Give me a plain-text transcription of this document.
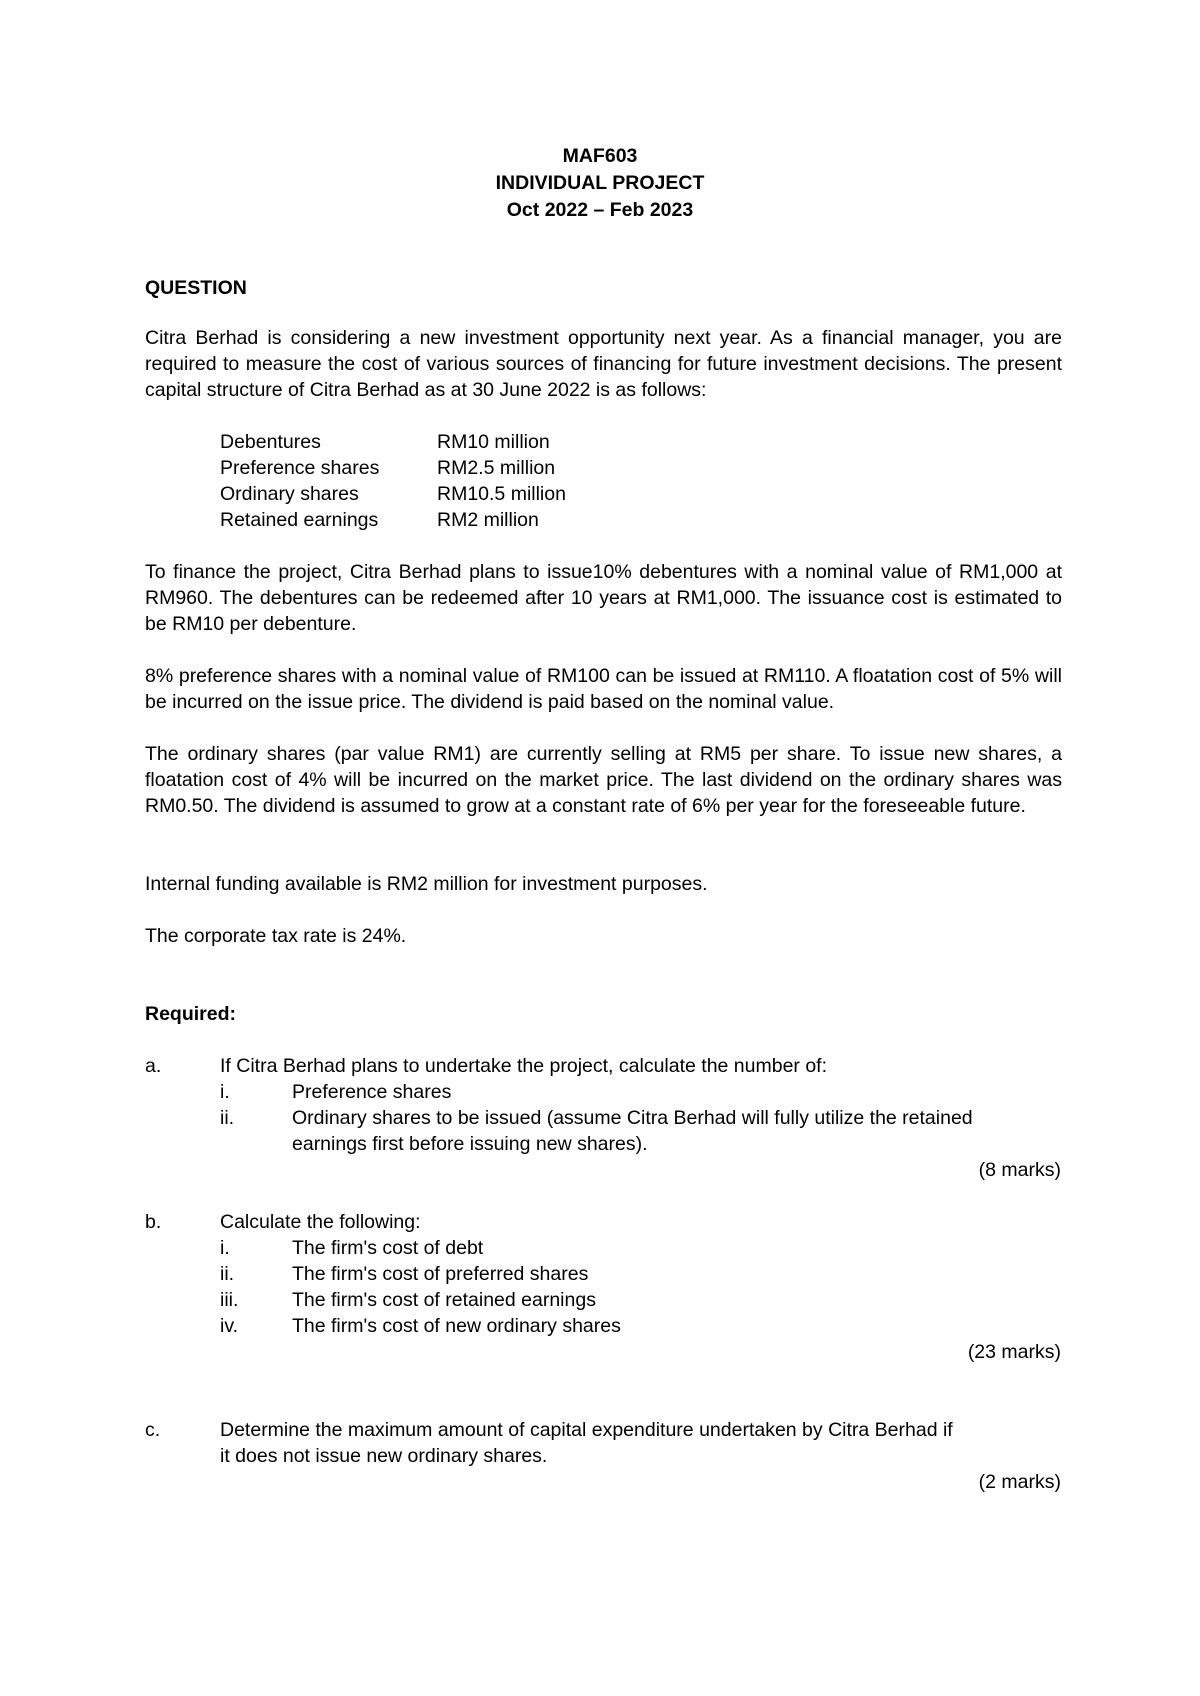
MAF603
INDIVIDUAL PROJECT
Oct 2022 – Feb 2023
QUESTION
Citra Berhad is considering a new investment opportunity next year. As a financial manager, you are required to measure the cost of various sources of financing for future investment decisions. The present capital structure of Citra Berhad as at 30 June 2022 is as follows:
Debentures	RM10 million
Preference shares	RM2.5 million
Ordinary shares	RM10.5 million
Retained earnings	RM2 million
To finance the project, Citra Berhad plans to issue10% debentures with a nominal value of RM1,000 at RM960. The debentures can be redeemed after 10 years at RM1,000. The issuance cost is estimated to be RM10 per debenture.
8% preference shares with a nominal value of RM100 can be issued at RM110. A floatation cost of 5% will be incurred on the issue price. The dividend is paid based on the nominal value.
The ordinary shares (par value RM1) are currently selling at RM5 per share. To issue new shares, a floatation cost of 4% will be incurred on the market price. The last dividend on the ordinary shares was RM0.50. The dividend is assumed to grow at a constant rate of 6% per year for the foreseeable future.
Internal funding available is RM2 million for investment purposes.
The corporate tax rate is 24%.
Required:
a.	If Citra Berhad plans to undertake the project, calculate the number of:
i.	Preference shares
ii.	Ordinary shares to be issued (assume Citra Berhad will fully utilize the retained
earnings first before issuing new shares).
(8 marks)
b.	Calculate the following:
i.	The firm's cost of debt
ii.	The firm's cost of preferred shares
iii.	The firm's cost of retained earnings
iv.	The firm's cost of new ordinary shares
(23 marks)
c.	Determine the maximum amount of capital expenditure undertaken by Citra Berhad if
it does not issue new ordinary shares.
(2 marks)
